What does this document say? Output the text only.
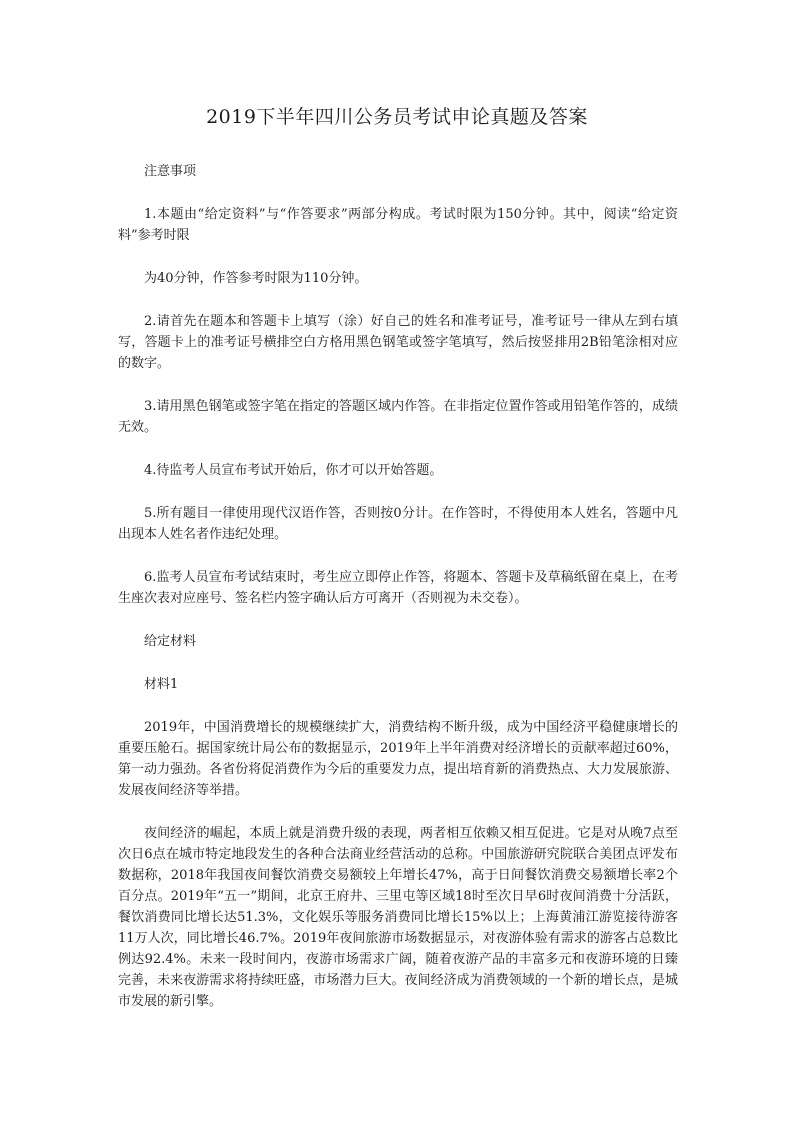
2019下半年四川公务员考试申论真题及答案

注意事项

1.本题由“给定资料”与“作答要求”两部分构成。考试时限为150分钟。其中，阅读“给定资料”参考时限

为40分钟，作答参考时限为110分钟。

2.请首先在题本和答题卡上填写（涂）好自己的姓名和准考证号，准考证号一律从左到右填写，答题卡上的准考证号横排空白方格用黑色钢笔或签字笔填写，然后按竖排用2B铅笔涂相对应的数字。

3.请用黑色钢笔或签字笔在指定的答题区域内作答。在非指定位置作答或用铅笔作答的，成绩无效。

4.待监考人员宣布考试开始后，你才可以开始答题。

5.所有题目一律使用现代汉语作答，否则按0分计。在作答时，不得使用本人姓名，答题中凡出现本人姓名者作违纪处理。

6.监考人员宣布考试结束时，考生应立即停止作答，将题本、答题卡及草稿纸留在桌上，在考生座次表对应座号、签名栏内签字确认后方可离开（否则视为未交卷）。

给定材料

材料1

2019年，中国消费增长的规模继续扩大，消费结构不断升级，成为中国经济平稳健康增长的重要压舱石。据国家统计局公布的数据显示，2019年上半年消费对经济增长的贡献率超过60%，第一动力强劲。各省份将促消费作为今后的重要发力点，提出培育新的消费热点、大力发展旅游、发展夜间经济等举措。

夜间经济的崛起，本质上就是消费升级的表现，两者相互依赖又相互促进。它是对从晚7点至次日6点在城市特定地段发生的各种合法商业经营活动的总称。中国旅游研究院联合美团点评发布数据称，2018年我国夜间餐饮消费交易额较上年增长47%，高于日间餐饮消费交易额增长率2个百分点。2019年“五一”期间，北京王府井、三里屯等区域18时至次日早6时夜间消费十分活跃，餐饮消费同比增长达51.3%，文化娱乐等服务消费同比增长15%以上；上海黄浦江游览接待游客11万人次，同比增长46.7%。2019年夜间旅游市场数据显示，对夜游体验有需求的游客占总数比例达92.4%。未来一段时间内，夜游市场需求广阔，随着夜游产品的丰富多元和夜游环境的日臻完善，未来夜游需求将持续旺盛，市场潜力巨大。夜间经济成为消费领域的一个新的增长点，是城市发展的新引擎。
